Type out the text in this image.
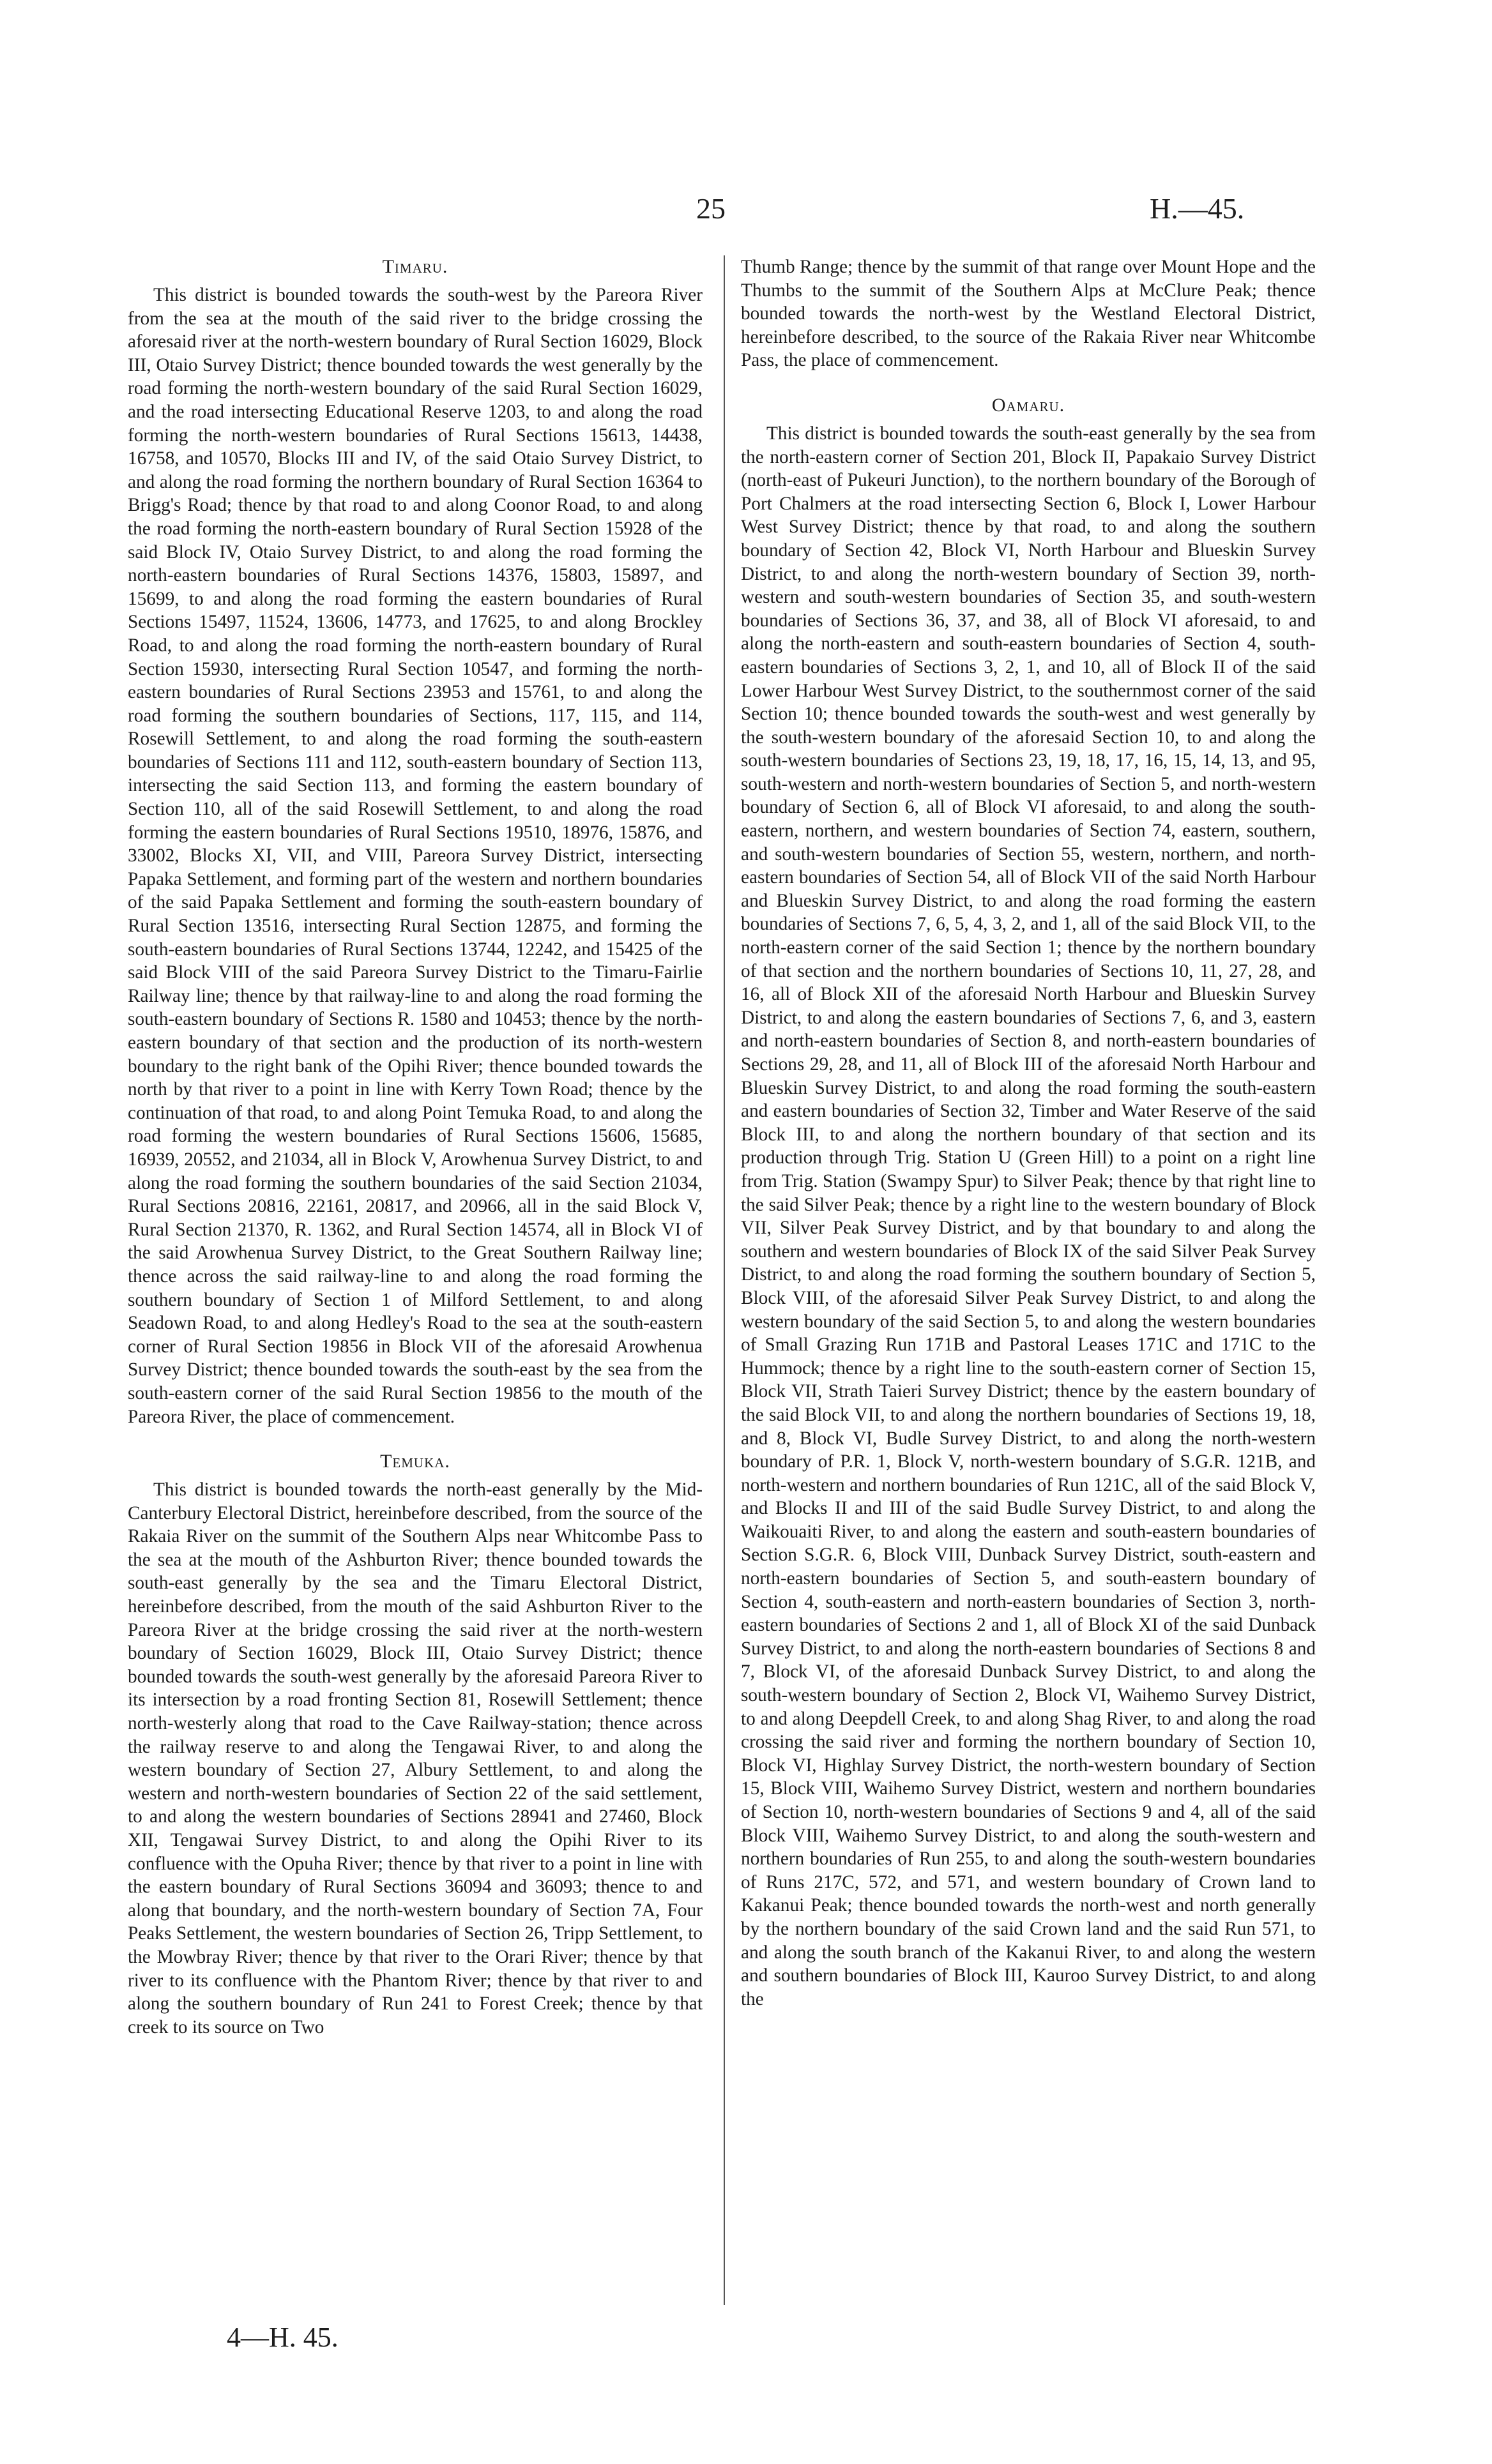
25	H.—45.
Timaru.

This district is bounded towards the south-west by the Pareora River from the sea at the mouth of the said river to the bridge crossing the aforesaid river at the north-western boundary of Rural Section 16029, Block III, Otaio Survey District; thence bounded towards the west generally by the road forming the north-western boundary of the said Rural Section 16029, and the road intersecting Educational Reserve 1203, to and along the road forming the north-western boundaries of Rural Sections 15613, 14438, 16758, and 10570, Blocks III and IV, of the said Otaio Survey District, to and along the road forming the northern boundary of Rural Section 16364 to Brigg's Road; thence by that road to and along Coonor Road, to and along the road forming the north-eastern boundary of Rural Section 15928 of the said Block IV, Otaio Survey District, to and along the road forming the north-eastern boundaries of Rural Sections 14376, 15803, 15897, and 15699, to and along the road forming the eastern boundaries of Rural Sections 15497, 11524, 13606, 14773, and 17625, to and along Brockley Road, to and along the road forming the north-eastern boundary of Rural Section 15930, intersecting Rural Section 10547, and forming the north-eastern boundaries of Rural Sections 23953 and 15761, to and along the road forming the southern boundaries of Sections, 117, 115, and 114, Rosewill Settlement, to and along the road forming the south-eastern boundaries of Sections 111 and 112, south-eastern boundary of Section 113, intersecting the said Section 113, and forming the eastern boundary of Section 110, all of the said Rosewill Settlement, to and along the road forming the eastern boundaries of Rural Sections 19510, 18976, 15876, and 33002, Blocks XI, VII, and VIII, Pareora Survey District, intersecting Papaka Settlement, and forming part of the western and northern boundaries of the said Papaka Settlement and forming the south-eastern boundary of Rural Section 13516, intersecting Rural Section 12875, and forming the south-eastern boundaries of Rural Sections 13744, 12242, and 15425 of the said Block VIII of the said Pareora Survey District to the Timaru-Fairlie Railway line; thence by that railway-line to and along the road forming the south-eastern boundary of Sections R. 1580 and 10453; thence by the north-eastern boundary of that section and the production of its north-western boundary to the right bank of the Opihi River; thence bounded towards the north by that river to a point in line with Kerry Town Road; thence by the continuation of that road, to and along Point Temuka Road, to and along the road forming the western boundaries of Rural Sections 15606, 15685, 16939, 20552, and 21034, all in Block V, Arowhenua Survey District, to and along the road forming the southern boundaries of the said Section 21034, Rural Sections 20816, 22161, 20817, and 20966, all in the said Block V, Rural Section 21370, R. 1362, and Rural Section 14574, all in Block VI of the said Arowhenua Survey District, to the Great Southern Railway line; thence across the said railway-line to and along the road forming the southern boundary of Section 1 of Milford Settlement, to and along Seadown Road, to and along Hedley's Road to the sea at the south-eastern corner of Rural Section 19856 in Block VII of the aforesaid Arowhenua Survey District; thence bounded towards the south-east by the sea from the south-eastern corner of the said Rural Section 19856 to the mouth of the Pareora River, the place of commencement.

Temuka.

This district is bounded towards the north-east generally by the Mid-Canterbury Electoral District, hereinbefore described, from the source of the Rakaia River on the summit of the Southern Alps near Whitcombe Pass to the sea at the mouth of the Ashburton River; thence bounded towards the south-east generally by the sea and the Timaru Electoral District, hereinbefore described, from the mouth of the said Ashburton River to the Pareora River at the bridge crossing the said river at the north-western boundary of Section 16029, Block III, Otaio Survey District; thence bounded towards the south-west generally by the aforesaid Pareora River to its intersection by a road fronting Section 81, Rosewill Settlement; thence north-westerly along that road to the Cave Railway-station; thence across the railway reserve to and along the Tengawai River, to and along the western boundary of Section 27, Albury Settlement, to and along the western and north-western boundaries of Section 22 of the said settlement, to and along the western boundaries of Sections 28941 and 27460, Block XII, Tengawai Survey District, to and along the Opihi River to its confluence with the Opuha River; thence by that river to a point in line with the eastern boundary of Rural Sections 36094 and 36093; thence to and along that boundary, and the north-western boundary of Section 7A, Four Peaks Settlement, the western boundaries of Section 26, Tripp Settlement, to the Mowbray River; thence by that river to the Orari River; thence by that river to its confluence with the Phantom River; thence by that river to and along the southern boundary of Run 241 to Forest Creek; thence by that creek to its source on Two

Thumb Range; thence by the summit of that range over Mount Hope and the Thumbs to the summit of the Southern Alps at McClure Peak; thence bounded towards the north-west by the Westland Electoral District, hereinbefore described, to the source of the Rakaia River near Whitcombe Pass, the place of commencement.

Oamaru.

This district is bounded towards the south-east generally by the sea from the north-eastern corner of Section 201, Block II, Papakaio Survey District (north-east of Pukeuri Junction), to the northern boundary of the Borough of Port Chalmers at the road intersecting Section 6, Block I, Lower Harbour West Survey District; thence by that road, to and along the southern boundary of Section 42, Block VI, North Harbour and Blueskin Survey District, to and along the north-western boundary of Section 39, north-western and south-western boundaries of Section 35, and south-western boundaries of Sections 36, 37, and 38, all of Block VI aforesaid, to and along the north-eastern and south-eastern boundaries of Section 4, south-eastern boundaries of Sections 3, 2, 1, and 10, all of Block II of the said Lower Harbour West Survey District, to the southernmost corner of the said Section 10; thence bounded towards the south-west and west generally by the south-western boundary of the aforesaid Section 10, to and along the south-western boundaries of Sections 23, 19, 18, 17, 16, 15, 14, 13, and 95, south-western and north-western boundaries of Section 5, and north-western boundary of Section 6, all of Block VI aforesaid, to and along the south-eastern, northern, and western boundaries of Section 74, eastern, southern, and south-western boundaries of Section 55, western, northern, and north-eastern boundaries of Section 54, all of Block VII of the said North Harbour and Blueskin Survey District, to and along the road forming the eastern boundaries of Sections 7, 6, 5, 4, 3, 2, and 1, all of the said Block VII, to the north-eastern corner of the said Section 1; thence by the northern boundary of that section and the northern boundaries of Sections 10, 11, 27, 28, and 16, all of Block XII of the aforesaid North Harbour and Blueskin Survey District, to and along the eastern boundaries of Sections 7, 6, and 3, eastern and north-eastern boundaries of Section 8, and north-eastern boundaries of Sections 29, 28, and 11, all of Block III of the aforesaid North Harbour and Blueskin Survey District, to and along the road forming the south-eastern and eastern boundaries of Section 32, Timber and Water Reserve of the said Block III, to and along the northern boundary of that section and its production through Trig. Station U (Green Hill) to a point on a right line from Trig. Station (Swampy Spur) to Silver Peak; thence by that right line to the said Silver Peak; thence by a right line to the western boundary of Block VII, Silver Peak Survey District, and by that boundary to and along the southern and western boundaries of Block IX of the said Silver Peak Survey District, to and along the road forming the southern boundary of Section 5, Block VIII, of the aforesaid Silver Peak Survey District, to and along the western boundary of the said Section 5, to and along the western boundaries of Small Grazing Run 171B and Pastoral Leases 171C and 171C to the Hummock; thence by a right line to the south-eastern corner of Section 15, Block VII, Strath Taieri Survey District; thence by the eastern boundary of the said Block VII, to and along the northern boundaries of Sections 19, 18, and 8, Block VI, Budle Survey District, to and along the north-western boundary of P.R. 1, Block V, north-western boundary of S.G.R. 121B, and north-western and northern boundaries of Run 121C, all of the said Block V, and Blocks II and III of the said Budle Survey District, to and along the Waikouaiti River, to and along the eastern and south-eastern boundaries of Section S.G.R. 6, Block VIII, Dunback Survey District, south-eastern and north-eastern boundaries of Section 5, and south-eastern boundary of Section 4, south-eastern and north-eastern boundaries of Section 3, north-eastern boundaries of Sections 2 and 1, all of Block XI of the said Dunback Survey District, to and along the north-eastern boundaries of Sections 8 and 7, Block VI, of the aforesaid Dunback Survey District, to and along the south-western boundary of Section 2, Block VI, Waihemo Survey District, to and along Deepdell Creek, to and along Shag River, to and along the road crossing the said river and forming the northern boundary of Section 10, Block VI, Highlay Survey District, the north-western boundary of Section 15, Block VIII, Waihemo Survey District, western and northern boundaries of Section 10, north-western boundaries of Sections 9 and 4, all of the said Block VIII, Waihemo Survey District, to and along the south-western and northern boundaries of Run 255, to and along the south-western boundaries of Runs 217C, 572, and 571, and western boundary of Crown land to Kakanui Peak; thence bounded towards the north-west and north generally by the northern boundary of the said Crown land and the said Run 571, to and along the south branch of the Kakanui River, to and along the western and southern boundaries of Block III, Kauroo Survey District, to and along the

4—H. 45.
